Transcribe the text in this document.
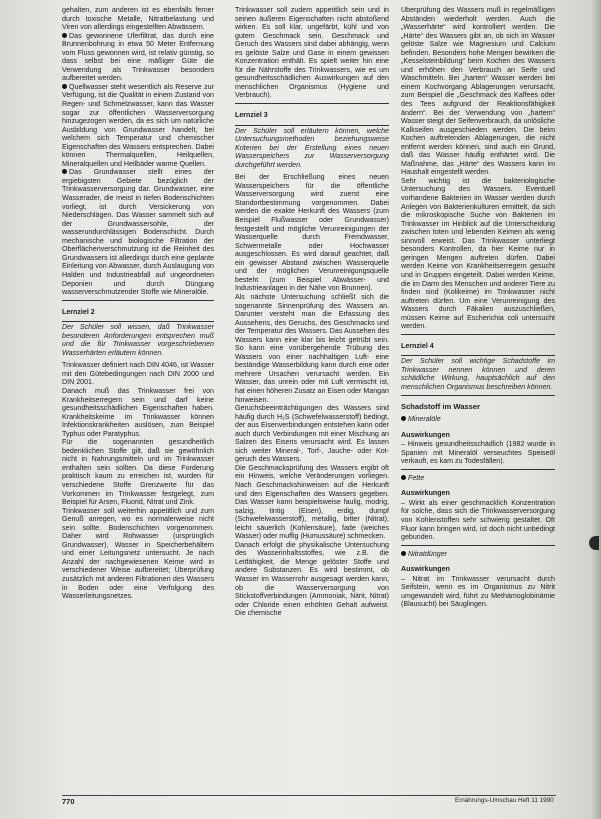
gehalten, zum anderen ist es ebenfalls ferner durch toxische Metalle, Nitratbelastung und Viren von allerdings eingestellten Abwässern.

Das gewonnene Uferfiltrat, das durch eine Brunnenbohrung in etwa 50 Meter Entfernung vom Fluss gewonnen wird, ist relativ günstig, so dass selbst bei eine mäßiger Güte die Verwendung als Trinkwasser besonders aufbereitet werden.

Quellwasser steht wesentlich als Reserve zur Verfügung, ist die Qualität in einem Zustand von Regen- und Schmelzwasser, kann das Wasser sogar zur öffentlichen Wasserversorgung hinzugezogen werden, da es sich um natürliche Ausbildung von Grundwasser handelt, bei welchem sich Temperatur und chemischer Eigenschaften des Wassers entsprechen. Dabei können Thermalquellen, Heilquellen, Mineralquellen und Heilbäder warme Quellen.

Das Grundwasser stellt eines der ergiebigsten Gebiete bezüglich der Trinkwasserversorgung dar. Grundwasser, eine Wasserader, die meist in tiefen Bodenschichten vorliegt, ist durch Versickerung von Niederschlägen. Das Wasser sammelt sich auf der Grundwassersohle, der wasserundurchlässigen Bodenschicht. Durch mechanische und biologische Filtration der Oberflächenverschmutzung ist die Reinheit des Grundwassers ist allerdings durch eine geplante Einleitung von Abwasser, durch Auslaugung von Halden und Industrieabfall auf ungeordneten Deponien und durch Düngung wasserverschmutzender Stoffe wie Mineralöle.

Lernziel 2

Der Schüler soll wissen, daß Trinkwasser besonderen Anforderungen entsprechen muß und die für Trinkwasser vorgeschriebenen Wasserhärten erläutern können.

Trinkwasser definiert nach DIN 4046, ist Wasser mit den Gütebedingungen nach DIN 2000 und DIN 2001.

Danach muß das Trinkwasser frei von Krankheitserregern sein und darf keine gesundheitsschädlichen Eigenschaften haben. Krankheitskeime im Trinkwasser können Infektionskrankheiten auslösen, zum Beispiel Typhus oder Paratyphus.

Für die sogenannten gesundheitlich bedenklichen Stoffe gilt, daß sie gewöhnlich nicht in Nahrungsmitteln und im Trinkwasser enthalten sein sollten. Da diese Forderung praktisch kaum zu erreichen ist, wurden für verschiedene Stoffe Grenzwerte für das Vorkommen im Trinkwasser festgelegt, zum Beispiel für Arsen, Fluorid, Nitrat und Zink.

Trinkwasser soll weiterhin appetitlich und zum Genuß anregen, wo es normalerweise nicht sein sollte. Bodenschichten vorgenommen. Daher wird Rohwasser (ursprünglich Grundwasser), Wasser in Speicherbehältern und einer Leitungsnetz untersucht. Je nach Anzahl der nachgewiesenen Keime wird in verschiedener Weise aufbereitet; Überprüfung zusätzlich mit anderen Filtrationen des Wassers in Boden oder eine Verfolgung des Wasserleitungsnetzes.

Trinkwasser soll zudem appetitlich sein und in seinen äußeren Eigenschaften nicht abstoßend wirken. Es soll klar, ungefärbt, kühl und von gutem Geschmack sein. Geschmack und Geruch des Wassers sind dabei abhängig, wenn es gelöste Salze und Gase in einem gewissen Konzentration enthält. Es spielt weiter hin eine für die Nährstoffe des Trinkwassers, wie es um gesundheitsschädlichen Auswirkungen auf den menschlichen Organismus (Hygiene und Verbrauch).

Lernziel 3

Der Schüler soll erläutern können, welche Untersuchungsmethoden beziehungsweise Kriterien bei der Erstellung eines neuen Wasserspeichers zur Wasserversorgung durchgeführt werden.

Bei der Erschließung eines neuen Wasserspeichers für die öffentliche Wasserversorgung wird zuerst eine Standortbestimmung vorgenommen. Dabei werden die exakte Herkunft des Wassers (zum Beispiel Flußwasser oder Grundwasser) festgestellt und mögliche Verunreinigungen der Wasserquelle durch Fremdwasser, Schwermetalle oder Hochwasser ausgeschlossen. Es wird darauf geachtet, daß ein gewisser Abstand zwischen Wasserquelle und der möglichen Verunreinigungsquelle besteht (zum Beispiel Abwässer- und Industrieanlagen in der Nähe von Brunnen).

Als nächste Untersuchung schließt sich die sogenannte Sinnenprüfung des Wassers an. Darunter versteht man die Erfassung des Aussehens, des Geruchs, des Geschmacks und der Temperatur des Wassers. Das Aussehen des Wassers kann eine klar bis leicht getrübt sein. So kann eine vorübergehende Trübung des Wassers von einer nachhaltigen Luft- eine beständige Wasserbildung kann durch eine oder mehrere Ursachen verursacht werden. Ein Wasser, das unrein oder mit Luft vermischt ist, hat einen höheren Zusatz an Eisen oder Mangan hinweisen.

Geruchsbeeinträchtigungen des Wassers sind häufig durch H₂S (Schwefelwasserstoff) bedingt, der aus Eisenverbindungen entstehen kann oder auch durch Verbindungen mit einer Mischung an Salzen des Eisens verursacht wird. Es lassen sich weiter Mineral-, Torf-, Jauche- oder Kot-geruch des Wassers.

Die Geschmacksprüfung des Wassers ergibt oft ein Hinweis, welche Veränderungen vorliegen. Nach Geschmackshinweisen auf die Herkunft und den Eigenschaften des Wassers gegeben. Das Wasser kann beispielsweise faulig, modrig, salzig, tintig (Eisen), erdig, dumpf (Schwefelwasserstoff), metallig, bitter (Nitrat), leicht säuerlich (Kohlensäure), fade (weiches Wasser) oder muffig (Humussäure) schmecken.

Danach erfolgt die physikalische Untersuchung des Wasserinhaltsstoffes, wie z.B. die Leitfähigkeit, die Menge gelöster Stoffe und andere Substanzen. Es wird bestimmt, ob Wasser im Wasserrohr ausgesagt werden kann, ob die Wasserversorgung von Stickstoffverbindungen (Ammoniak, Nitrit, Nitrat) oder Chloride einen erhöhten Gehalt aufweist. Die chemische

Überprüfung des Wassers muß in regelmäßigen Abständen wiederholt werden. Auch die „Wasserhärte“ wird kontrolliert werden. Die „Härte“ des Wassers gibt an, ob sich im Wasser gelöste Salze wie Magnesium und Calcium befinden. Besonders hohe Mengen bewirken die „Kesselsteinbildung“ beim Kochen des Wassers und erhöhen den Verbrauch an Seife und Waschmitteln. Bei „harten“ Wasser werden bei einem Kochvorgang Ablagerungen verursacht, zum Beispiel die „Geschmack des Kaffees oder des Tees aufgrund der Reaktionsfähigkeit ändern“. Bei der Verwendung von „hartem“ Wasser steigt der Seifenverbrauch, da unlösliche Kalkseifen ausgeschieden werden. Die beim Kochen auftretenden Ablagerungen, die nicht entfernt werden können, sind auch ein Grund, daß das Wasser häufig enthärtet wird. Die Maßnahme, das „Härte“ des Wassers kann im Haushalt eingestellt werden.

Sehr wichtig ist die bakteriologische Untersuchung des Wassers. Eventuell vorhandene Bakterien im Wasser werden durch Anlegen von Bakterienkulturen ermittelt, da sich die mikroskopische Suche von Bakterien im Trinkwasser im Hinblick auf die Unterscheidung zwischen toten und lebenden Keimen als wenig sinnvoll erweist. Das Trinkwasser unterliegt besonders Kontrollen, da hier Keime nur in geringen Mengen auftreten dürfen. Dabei werden Keime von Krankheitserregern gesucht und in Gruppen eingeteilt. Dabei werden Keime, die im Darm des Menschen und anderer Tiere zu finden sind (Kolikeime) im Trinkwasser nicht auftreten dürfen. Um eine Verunreinigung des Wassers durch Fäkalien auszuschließen, müssen Keime auf Escherichia coli untersucht werden.

Lernziel 4

Der Schüler soll wichtige Schadstoffe im Trinkwasser nennen können und deren schädliche Wirkung, hauptsächlich auf den menschlichen Organismus beschreiben können.

Schadstoff im Wasser

Mineralöle

Auswirkungen

– Hinweis gesundheitsschädlich (1982 wurde in Spanien mit Mineralöl verseuchtes Speiseöl verkauft, es kam zu Todesfällen).

Fette

Auswirkungen

– Wirkt als einer geschmacklich Konzentration für solche, dass sich die Trinkwasserversorgung von Kohlenstoffen sehr schwierig gestaltet. Oft Fluor kann bringen wird, ist doch nicht unbedingt gebunden.

Nitratdünger

Auswirkungen

– Nitrat im Trinkwasser verursacht durch Seifstein, wenn es im Organismus zu Nitrit umgewandelt wird, führt zu Methämoglobinämie (Blausucht) bei Säuglingen.

770	Ernährungs-Umschau Heft 11 1990
